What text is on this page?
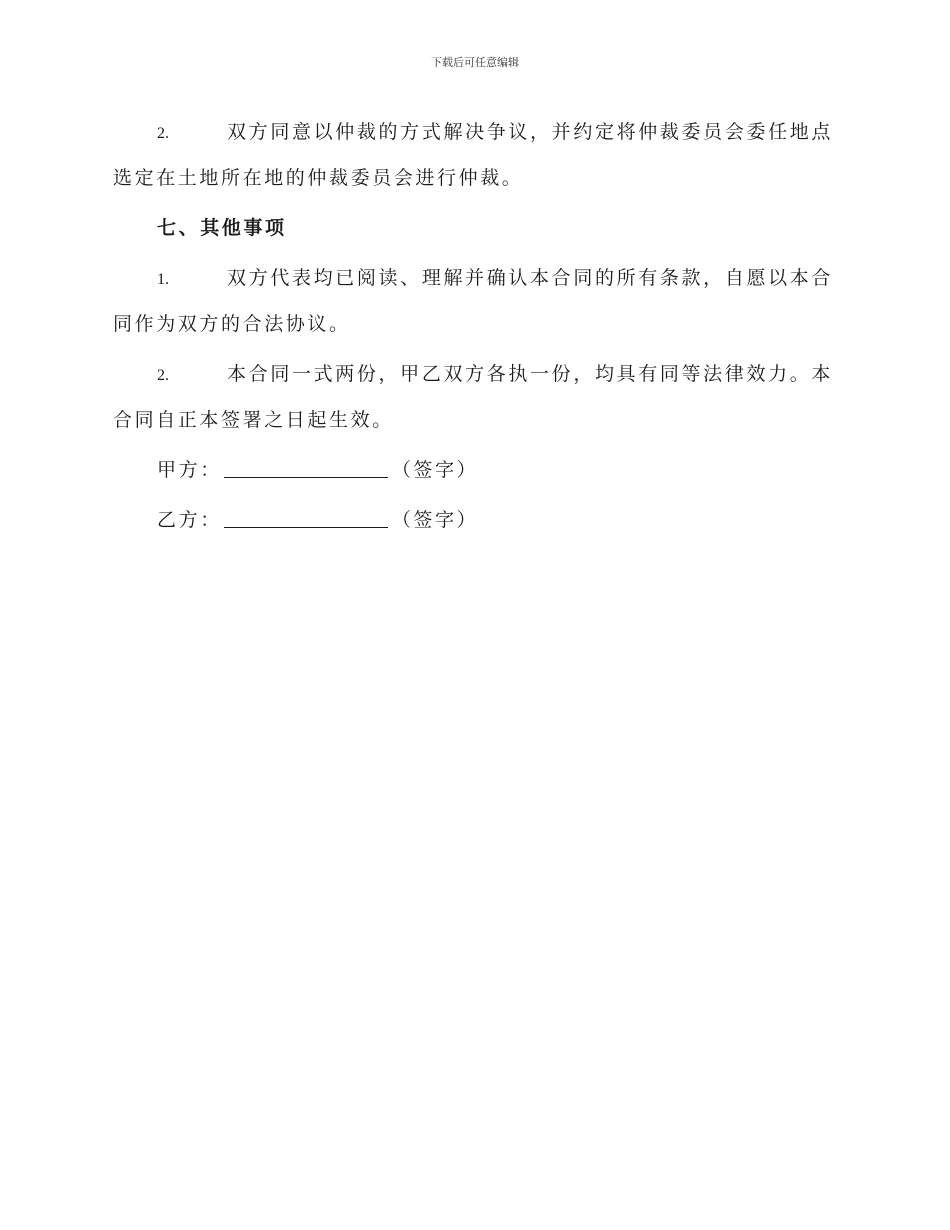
下载后可任意编辑

2.	双方同意以仲裁的方式解决争议，并约定将仲裁委员会委任地点选定在土地所在地的仲裁委员会进行仲裁。

七、其他事项

1.	双方代表均已阅读、理解并确认本合同的所有条款，自愿以本合同作为双方的合法协议。

2.	本合同一式两份，甲乙双方各执一份，均具有同等法律效力。本合同自正本签署之日起生效。

甲方：	（签字）

乙方：	（签字）
